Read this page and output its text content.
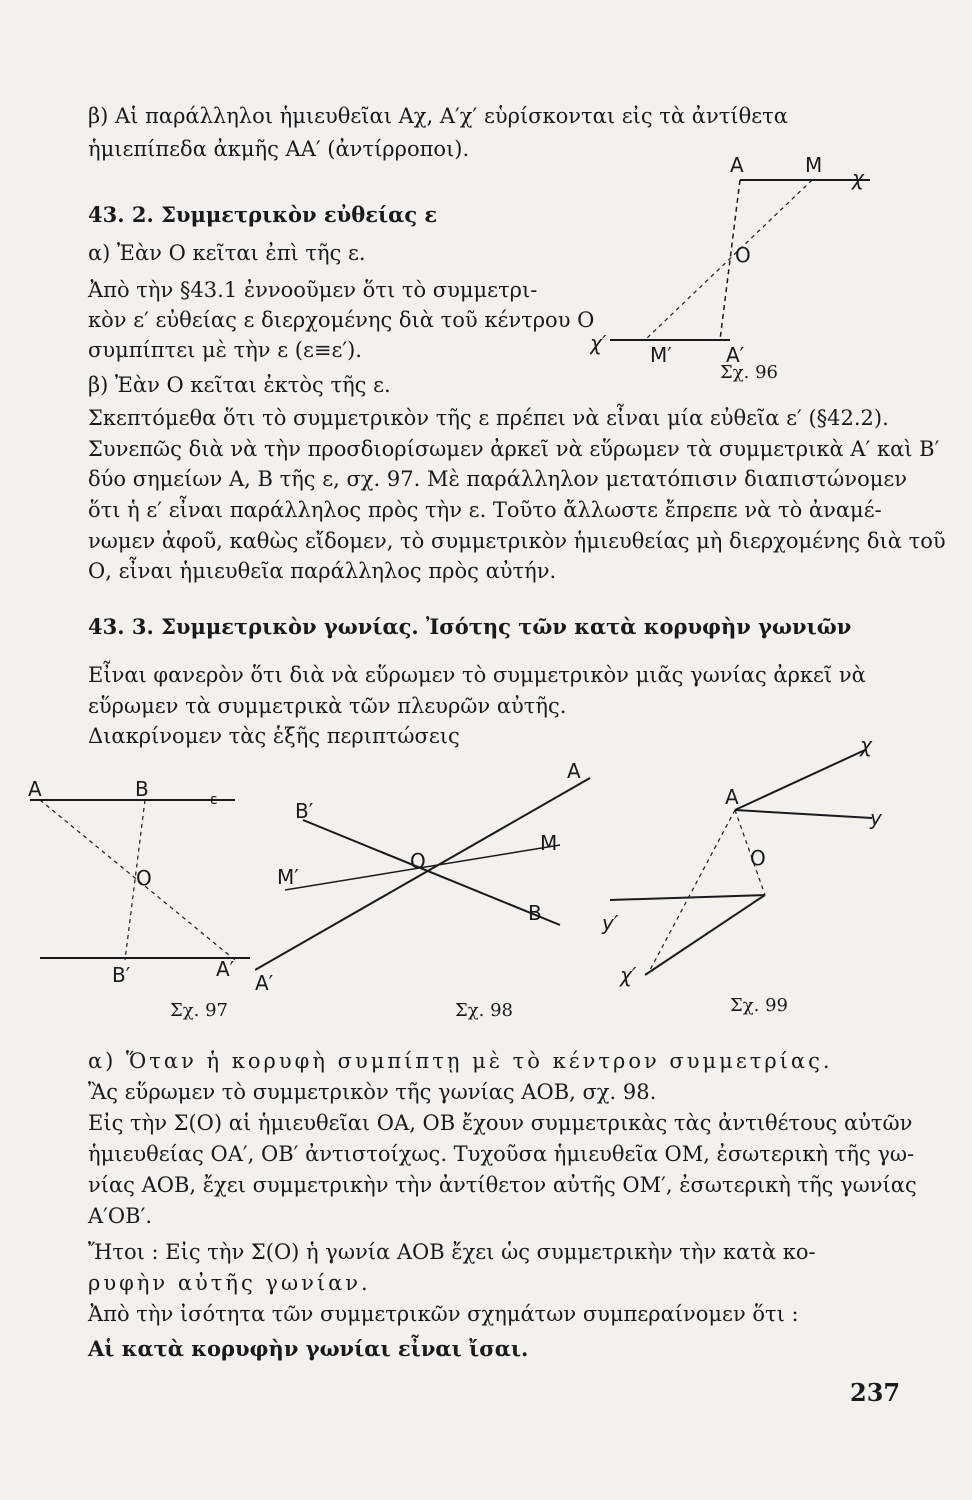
β) Αἱ παράλληλοι ἡμιευθεῖαι Αχ, Α′χ′ εὑρίσκονται εἰς τὰ ἀντίθετα

ἡμιεπίπεδα ἀκμῆς ΑΑ′ (ἀντίρροποι).

43. 2. Συμμετρικὸν εὐθείας ε

α) Ἐὰν Ο κεῖται ἐπὶ τῆς ε.

Ἀπὸ τὴν §43.1 ἐννοοῦμεν ὅτι τὸ συμμετρι-

κὸν ε′ εὐθείας ε διερχομένης διὰ τοῦ κέντρου Ο

συμπίπτει μὲ τὴν ε (ε≡ε′).

β) Ἐὰν Ο κεῖται ἐκτὸς τῆς ε.

Α	Μ
χ
Ο
χ′ Μ′	Α′
Σχ. 96

Σκεπτόμεθα ὅτι τὸ συμμετρικὸν τῆς ε πρέπει νὰ εἶναι μία εὐθεῖα ε′ (§42.2).

Συνεπῶς διὰ νὰ τὴν προσδιορίσωμεν ἀρκεῖ νὰ εὕρωμεν τὰ συμμετρικὰ Α′ καὶ Β′

δύο σημείων Α, Β τῆς ε, σχ. 97. Μὲ παράλληλον μετατόπισιν διαπιστώνομεν

ὅτι ἡ ε′ εἶναι παράλληλος πρὸς τὴν ε. Τοῦτο ἄλλωστε ἔπρεπε νὰ τὸ ἀναμέ-

νωμεν ἀφοῦ, καθὼς εἴδομεν, τὸ συμμετρικὸν ἡμιευθείας μὴ διερχομένης διὰ τοῦ

Ο, εἶναι ἡμιευθεῖα παράλληλος πρὸς αὐτήν.

43. 3. Συμμετρικὸν γωνίας. Ἰσότης τῶν κατὰ κορυφὴν γωνιῶν

Εἶναι φανερὸν ὅτι διὰ νὰ εὕρωμεν τὸ συμμετρικὸν μιᾶς γωνίας ἀρκεῖ νὰ

εὕρωμεν τὰ συμμετρικὰ τῶν πλευρῶν αὐτῆς.

Διακρίνομεν τὰς ἑξῆς περιπτώσεις

Α	Β	ε
Ο
Β′	Α′
Σχ. 97
Α
Β′
Μ
Ο
Μ′
Β
Α′
Σχ. 98
χ
Α
y
Ο
y′
χ′
Σχ. 99

α) Ὅταν ἡ κορυφὴ συμπίπτῃ μὲ τὸ κέντρον συμμετρίας.

Ἂς εὕρωμεν τὸ συμμετρικὸν τῆς γωνίας ΑΟΒ, σχ. 98.

Εἰς τὴν Σ(Ο) αἱ ἡμιευθεῖαι ΟΑ, ΟΒ ἔχουν συμμετρικὰς τὰς ἀντιθέτους αὐτῶν

ἡμιευθείας ΟΑ′, ΟΒ′ ἀντιστοίχως. Τυχοῦσα ἡμιευθεῖα ΟΜ, ἐσωτερικὴ τῆς γω-

νίας ΑΟΒ, ἔχει συμμετρικὴν τὴν ἀντίθετον αὐτῆς ΟΜ′, ἐσωτερικὴ τῆς γωνίας

Α′ΟΒ′.

Ἤτοι : Εἰς τὴν Σ(Ο) ἡ γωνία ΑΟΒ ἔχει ὡς συμμετρικὴν τὴν κατὰ κο-

ρυφὴν αὐτῆς γωνίαν.

Ἀπὸ τὴν ἰσότητα τῶν συμμετρικῶν σχημάτων συμπεραίνομεν ὅτι :

Αἱ κατὰ κορυφὴν γωνίαι εἶναι ἴσαι.

237
